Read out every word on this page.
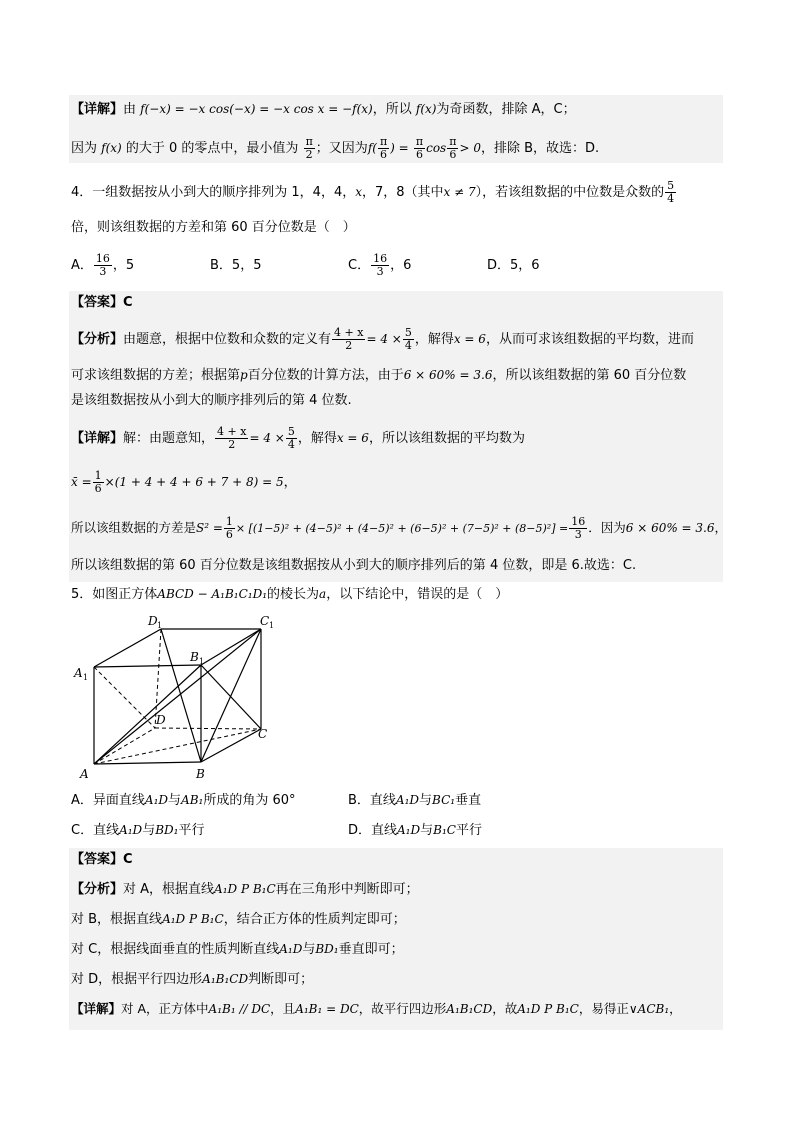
【详解】由 f(−x) = −x cos(−x) = −x cos x = −f(x)，所以 f(x)为奇函数，排除 A，C；
因为 f(x) 的大于 0 的零点中，最小值为 $\frac{\pi}{2}$ ；又因为$f( \frac{\pi}{6}$ ) = $\frac{\pi}{6}$ $\cos \frac{\pi}{6} > 0$，排除 B，故选：D.
4．一组数据按从小到大的顺序排列为 1，4，4，x，7，8（其中x ≠ 7），若该组数据的中位数是众数的 $\frac{5}{4}$
倍，则该组数据的方差和第 60 百分位数是（　）
A． $\frac{16}{3}$ ，5	B．5，5	C． $\frac{16}{3}$ ，6	D．5，6
【答案】C
【分析】由题意，根据中位数和众数的定义有 $\frac{4 + x}{2} = 4 \times \frac{5}{4}$ ，解得x = 6，从而可求该组数据的平均数，进而
可求该组数据的方差；根据第p百分位数的计算方法，由于6 × 60% = 3.6，所以该组数据的第 60 百分位数
是该组数据按从小到大的顺序排列后的第 4 位数.
【详解】解：由题意知， $\frac{4 + x}{2} = 4 \times \frac{5}{4}$ ，解得x = 6，所以该组数据的平均数为
x̄ = $\frac{1}{6} \times(1 + 4 + 4 + 6 + 7 + 8) = 5$，
所以该组数据的方差是$S^2 = \frac{1}{6} \times [(1-5)^2 + (4-5)^2 + (4-5)^2 + (6-5)^2 + (7-5)^2 + (8-5)^2] = \frac{16}{3}$ ．因为6 × 60% = 3.6，
所以该组数据的第 60 百分位数是该组数据按从小到大的顺序排列后的第 4 位数，即是 6.故选：C.
5．如图正方体ABCD − A₁B₁C₁D₁的棱长为a，以下结论中，错误的是（　）
A	B
C
D
A 1
B 1
C 1
D 1
A．异面直线A₁D与AB₁所成的角为 60°	B．直线A₁D与BC₁垂直
C．直线A₁D与BD₁平行	D．直线A₁D与B₁C平行
【答案】C
【分析】对 A，根据直线A₁D P B₁C再在三角形中判断即可；
对 B，根据直线A₁D P B₁C，结合正方体的性质判定即可；
对 C，根据线面垂直的性质判断直线A₁D与BD₁垂直即可；
对 D，根据平行四边形A₁B₁CD判断即可；
【详解】对 A，正方体中A₁B₁ // DC，且A₁B₁ = DC，故平行四边形A₁B₁CD，故A₁D P B₁C，易得正∨ACB₁，
